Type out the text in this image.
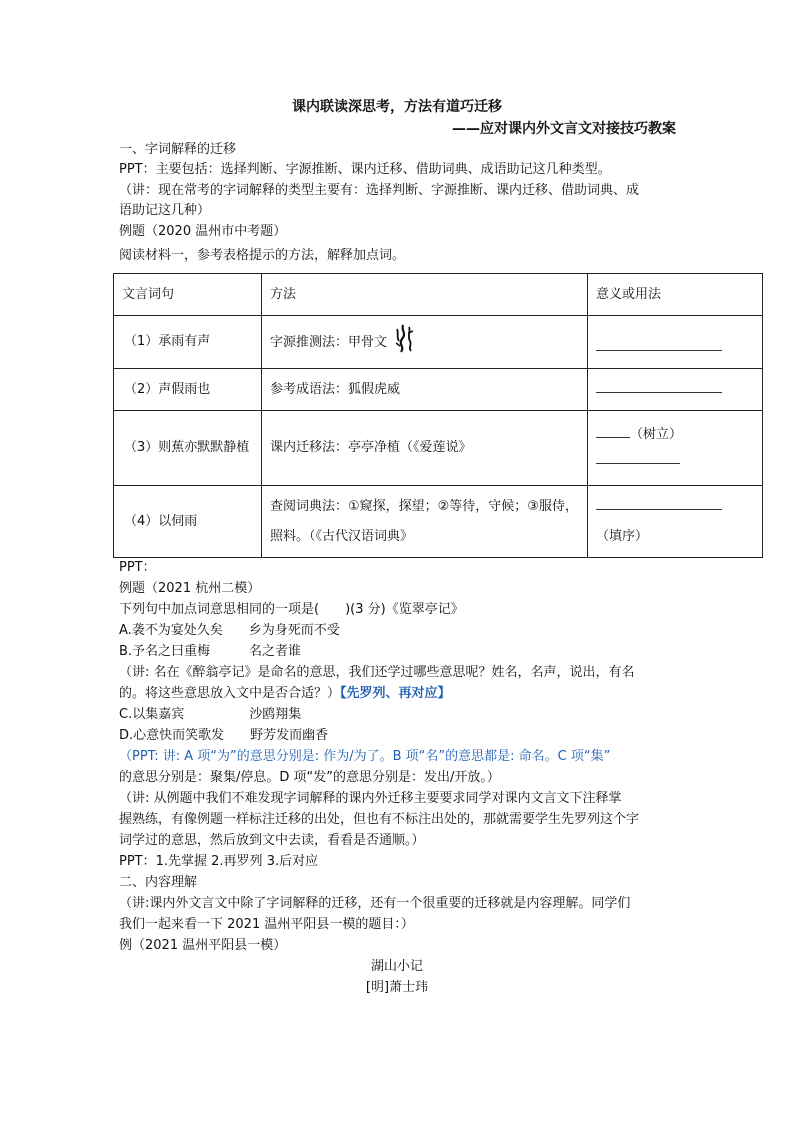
课内联读深思考，方法有道巧迁移
——应对课内外文言文对接技巧教案
一、字词解释的迁移
PPT：主要包括：选择判断、字源推断、课内迁移、借助词典、成语助记这几种类型。
（讲：现在常考的字词解释的类型主要有：选择判断、字源推断、课内迁移、借助词典、成
语助记这几种）
例题（2020 温州市中考题）
阅读材料一，参考表格提示的方法，解释加点词。
文言词句	方法	意义或用法
（1）承雨有声	字源推测法：甲骨文	
（2）声假雨也	参考成语法：狐假虎威	
（3）则蕉亦默默静植	课内迁移法：亭亭净植（《爱莲说》	（树立）

（4）以伺雨	查阅词典法：①窥探，探望；②等待，守候；③服侍，照料。（《古代汉语词典》	（填序）
PPT：
例题（2021 杭州二模）
下列句中加点词意思相同的一项是(　　)(3 分)《览翠亭记》
A.袭不为宴处久矣　　乡为身死而不受
B.予名之曰重梅　　　名之者谁
（讲: 名在《醉翁亭记》是命名的意思，我们还学过哪些意思呢？姓名，名声，说出，有名
的。将这些意思放入文中是否合适？）【先罗列、再对应】
C.以集嘉宾　　　　　沙鸥翔集
D.心意快而笑歌发　　野芳发而幽香
（PPT: 讲: A 项“为”的意思分别是: 作为/为了。B 项“名”的意思都是: 命名。C 项“集”
的意思分别是：聚集/停息。D 项“发”的意思分别是：发出/开放。）
（讲: 从例题中我们不难发现字词解释的课内外迁移主要要求同学对课内文言文下注释掌
握熟练，有像例题一样标注迁移的出处，但也有不标注出处的，那就需要学生先罗列这个字
词学过的意思，然后放到文中去读，看看是否通顺。）
PPT：1.先掌握 2.再罗列 3.后对应
二、内容理解
（讲:课内外文言文中除了字词解释的迁移，还有一个很重要的迁移就是内容理解。同学们
我们一起来看一下 2021 温州平阳县一模的题目：）
例（2021 温州平阳县一模）
湖山小记
[明]萧士玮
